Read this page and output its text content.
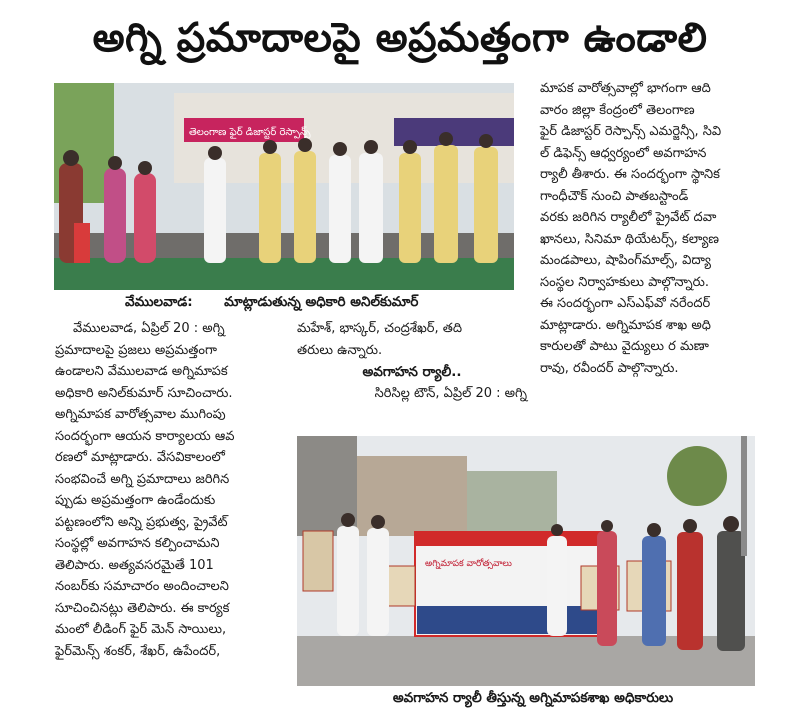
అగ్ని ప్రమాదాలపై అప్రమత్తంగా ఉండాలి
తెలంగాణ ఫైర్ డిజాస్టర్ రెస్పాన్స్
వేములవాడ: మాట్లాడుతున్న అధికారి అనిల్‌కుమార్

వేములవాడ, ఏప్రిల్ 20 : అగ్ని

ప్రమాదాలపై ప్రజలు అప్రమత్తంగా

ఉండాలని వేములవాడ అగ్నిమాపక

అధికారి అనిల్‌కుమార్ సూచించారు.

అగ్నిమాపక వారోత్సవాల ముగింపు

సందర్భంగా ఆయన కార్యాలయ ఆవ

రణలో మాట్లాడారు. వేసవికాలంలో

సంభవించే అగ్ని ప్రమాదాలు జరిగిన

ప్పుడు అప్రమత్తంగా ఉండేందుకు

పట్టణంలోని అన్ని ప్రభుత్వ, ప్రైవేట్

సంస్థల్లో అవగాహన కల్పించామని

తెలిపారు. అత్యవసరమైతే 101

నంబర్‌కు సమాచారం అందించాలని

సూచించినట్లు తెలిపారు. ఈ కార్యక

మంలో లీడింగ్ ఫైర్ మెన్ సాయిలు,

ఫైర్‌మెన్స్ శంకర్, శేఖర్, ఉపేందర్,

మహేశ్, భాస్కర్, చంద్రశేఖర్, తది

తరులు ఉన్నారు.

అవగాహన ర్యాలీ..

సిరిసిల్ల టౌన్, ఏప్రిల్ 20 : అగ్ని

మాపక వారోత్సవాల్లో భాగంగా ఆది

వారం జిల్లా కేంద్రంలో తెలంగాణ

ఫైర్ డిజాస్టర్ రెస్పాన్స్ ఎమర్జెన్సీ, సివి

ల్ డిఫెన్స్ ఆధ్వర్యంలో అవగాహన

ర్యాలీ తీశారు. ఈ సందర్భంగా స్థానిక

గాంధీచౌక్ నుంచి పాతబస్టాండ్

వరకు జరిగిన ర్యాలీలో ప్రైవేట్ దవా

ఖానలు, సినిమా థియేటర్స్, కల్యాణ

మండపాలు, షాపింగ్‌మాల్స్, విద్యా

సంస్థల నిర్వాహకులు పాల్గొన్నారు.

ఈ సందర్భంగా ఎస్ఎఫ్‌వో నరేందర్

మాట్లాడారు. అగ్నిమాపక శాఖ అధి

కారులతో పాటు వైద్యులు ర మణా

రావు, రవీందర్ పాల్గొన్నారు.

అగ్నిమాపక వారోత్సవాలు
అవగాహన ర్యాలీ తీస్తున్న అగ్నిమాపకశాఖ అధికారులు
